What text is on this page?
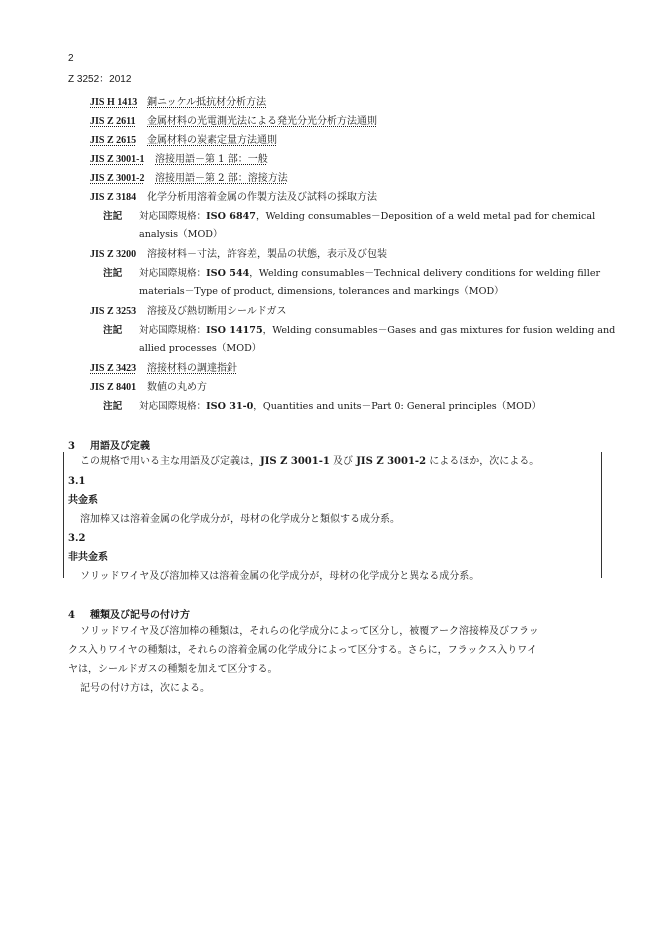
2
Z 3252：2012
JIS H 1413 銅ニッケル抵抗材分析方法
JIS Z 2611 金属材料の光電測光法による発光分光分析方法通則
JIS Z 2615 金属材料の炭素定量方法通則
JIS Z 3001-1 溶接用語－第 1 部：一般
JIS Z 3001-2 溶接用語－第 2 部：溶接方法
JIS Z 3184 化学分析用溶着金属の作製方法及び試料の採取方法
注記 対応国際規格：ISO 6847，Welding consumables－Deposition of a weld metal pad for chemical
analysis（MOD）
JIS Z 3200 溶接材料－寸法，許容差，製品の状態，表示及び包装
注記 対応国際規格：ISO 544，Welding consumables－Technical delivery conditions for welding filler
materials－Type of product, dimensions, tolerances and markings（MOD）
JIS Z 3253 溶接及び熱切断用シールドガス
注記 対応国際規格：ISO 14175，Welding consumables－Gases and gas mixtures for fusion welding and
allied processes（MOD）
JIS Z 3423 溶接材料の調達指針
JIS Z 8401 数値の丸め方
注記 対応国際規格：ISO 31-0，Quantities and units－Part 0: General principles（MOD）
3 用語及び定義
この規格で用いる主な用語及び定義は，JIS Z 3001-1 及び JIS Z 3001-2 によるほか，次による。
3.1
共金系
溶加棒又は溶着金属の化学成分が，母材の化学成分と類似する成分系。
3.2
非共金系
ソリッドワイヤ及び溶加棒又は溶着金属の化学成分が，母材の化学成分と異なる成分系。
4 種類及び記号の付け方
ソリッドワイヤ及び溶加棒の種類は，それらの化学成分によって区分し，被覆アーク溶接棒及びフラッ
クス入りワイヤの種類は，それらの溶着金属の化学成分によって区分する。さらに，フラックス入りワイ
ヤは，シールドガスの種類を加えて区分する。
記号の付け方は，次による。
